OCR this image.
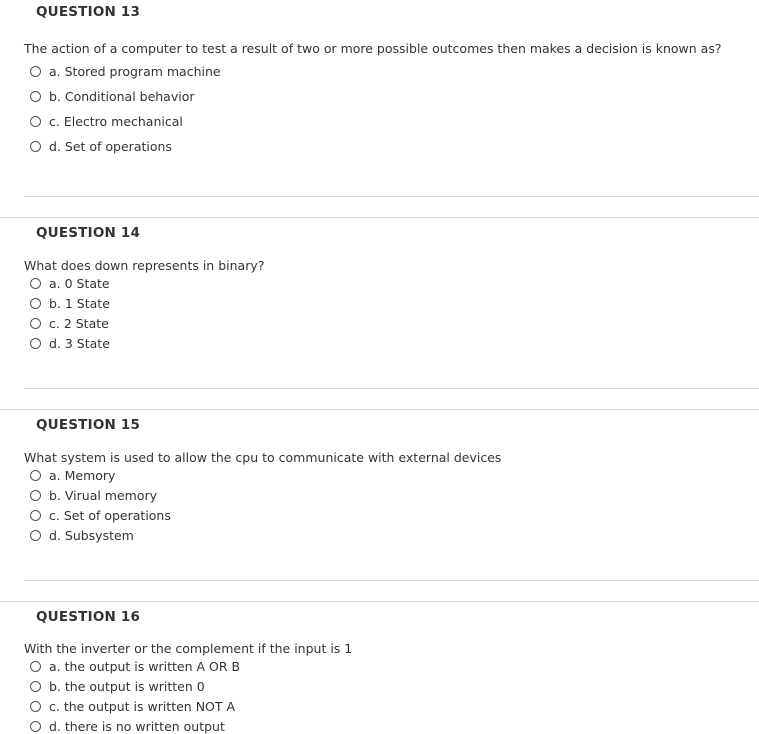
QUESTION 13
The action of a computer to test a result of two or more possible outcomes then makes a decision is known as?
a. Stored program machine
b. Conditional behavior
c. Electro mechanical
d. Set of operations
QUESTION 14
What does down represents in binary?
a. 0 State
b. 1 State
c. 2 State
d. 3 State
QUESTION 15
What system is used to allow the cpu to communicate with external devices
a. Memory
b. Virual memory
c. Set of operations
d. Subsystem
QUESTION 16
With the inverter or the complement if the input is 1
a. the output is written A OR B
b. the output is written 0
c. the output is written NOT A
d. there is no written output
